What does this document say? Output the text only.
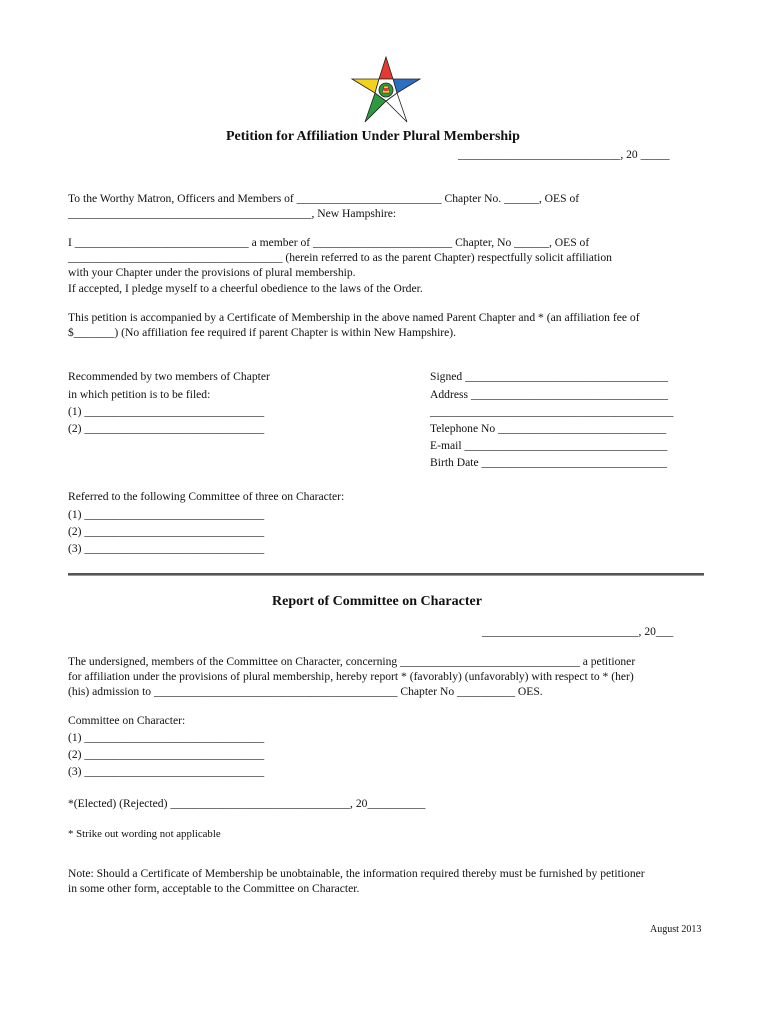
Petition for Affiliation Under Plural Membership
____________________________, 20 _____
To the Worthy Matron, Officers and Members of _________________________ Chapter No. ______, OES of
__________________________________________, New Hampshire:
I ______________________________ a member of ________________________ Chapter, No ______, OES of
_____________________________________ (herein referred to as the parent Chapter) respectfully solicit affiliation
with your Chapter under the provisions of plural membership.
If accepted, I pledge myself to a cheerful obedience to the laws of the Order.
This petition is accompanied by a Certificate of Membership in the above named Parent Chapter and * (an affiliation fee of
$_______) (No affiliation fee required if parent Chapter is within New Hampshire).
Recommended by two members of Chapter
in which petition is to be filed:
(1) _______________________________
(2) _______________________________
Signed ___________________________________
Address __________________________________
__________________________________________
Telephone No _____________________________
E-mail ___________________________________
Birth Date ________________________________
Referred to the following Committee of three on Character:
(1) _______________________________
(2) _______________________________
(3) _______________________________
Report of Committee on Character
___________________________, 20___
The undersigned, members of the Committee on Character, concerning _______________________________ a petitioner
for affiliation under the provisions of plural membership, hereby report * (favorably) (unfavorably) with respect to * (her)
(his) admission to __________________________________________ Chapter No __________ OES.
Committee on Character:
(1) _______________________________
(2) _______________________________
(3) _______________________________
*(Elected) (Rejected) _______________________________, 20__________
* Strike out wording not applicable
Note: Should a Certificate of Membership be unobtainable, the information required thereby must be furnished by petitioner
in some other form, acceptable to the Committee on Character.
August 2013
